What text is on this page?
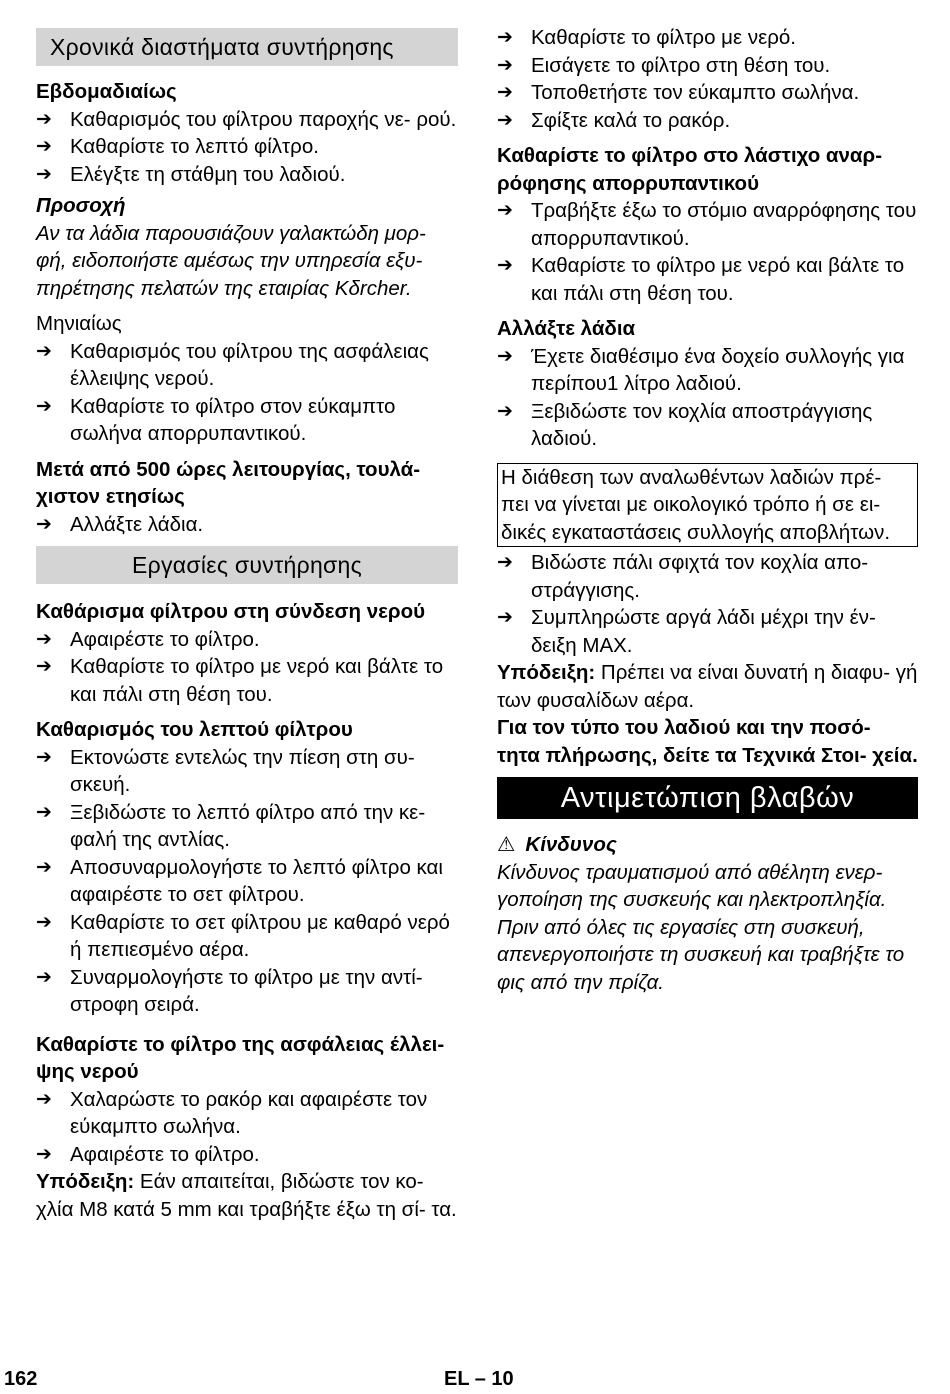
Χρονικά διαστήματα συντήρησης
Εβδομαδιαίως
➔ Καθαρισμός του φίλτρου παροχής νε- ρού.
➔ Καθαρίστε το λεπτό φίλτρο.
➔ Ελέγξτε τη στάθμη του λαδιού.
Προσοχή
Αν τα λάδια παρουσιάζουν γαλακτώδη μορ- φή, ειδοποιήστε αμέσως την υπηρεσία εξυ- πηρέτησης πελατών της εταιρίας Kδrcher.
Μηνιαίως
➔ Καθαρισμός του φίλτρου της ασφάλειας έλλειψης νερού.
➔ Καθαρίστε το φίλτρο στον εύκαμπτο σωλήνα απορρυπαντικού.
Μετά από 500 ώρες λειτουργίας, τουλά- χιστον ετησίως
➔ Αλλάξτε λάδια.
Εργασίες συντήρησης
Καθάρισμα φίλτρου στη σύνδεση νερού
➔ Αφαιρέστε το φίλτρο.
➔ Καθαρίστε το φίλτρο με νερό και βάλτε το και πάλι στη θέση του.
Καθαρισμός του λεπτού φίλτρου
➔ Εκτονώστε εντελώς την πίεση στη συ- σκευή.
➔ Ξεβιδώστε το λεπτό φίλτρο από την κε- φαλή της αντλίας.
➔ Αποσυναρμολογήστε το λεπτό φίλτρο και αφαιρέστε το σετ φίλτρου.
➔ Καθαρίστε το σετ φίλτρου με καθαρό νερό ή πεπιεσμένο αέρα.
➔ Συναρμολογήστε το φίλτρο με την αντί- στροφη σειρά.
Καθαρίστε το φίλτρο της ασφάλειας έλλει- ψης νερού
➔ Χαλαρώστε το ρακόρ και αφαιρέστε τον εύκαμπτο σωλήνα.
➔ Αφαιρέστε το φίλτρο.
Υπόδειξη: Εάν απαιτείται, βιδώστε τον κο- χλία M8 κατά 5 mm και τραβήξτε έξω τη σί- τα.
➔ Καθαρίστε το φίλτρο με νερό.
➔ Εισάγετε το φίλτρο στη θέση του.
➔ Τοποθετήστε τον εύκαμπτο σωλήνα.
➔ Σφίξτε καλά το ρακόρ.
Καθαρίστε το φίλτρο στο λάστιχο αναρ- ρόφησης απορρυπαντικού
➔ Τραβήξτε έξω το στόμιο αναρρόφησης του απορρυπαντικού.
➔ Καθαρίστε το φίλτρο με νερό και βάλτε το και πάλι στη θέση του.
Αλλάξτε λάδια
➔ Έχετε διαθέσιμο ένα δοχείο συλλογής για περίπου1 λίτρο λαδιού.
➔ Ξεβιδώστε τον κοχλία αποστράγγισης λαδιού.
Η διάθεση των αναλωθέντων λαδιών πρέ- πει να γίνεται με οικολογικό τρόπο ή σε ει- δικές εγκαταστάσεις συλλογής αποβλήτων.
➔ Βιδώστε πάλι σφιχτά τον κοχλία απο- στράγγισης.
➔ Συμπληρώστε αργά λάδι μέχρι την έν- δειξη MAX.
Υπόδειξη: Πρέπει να είναι δυνατή η διαφυ- γή των φυσαλίδων αέρα.
Για τον τύπο του λαδιού και την ποσό- τητα πλήρωσης, δείτε τα Τεχνικά Στοι- χεία.
Αντιμετώπιση βλαβών
⚠ Κίνδυνος
Κίνδυνος τραυματισμού από αθέλητη ενερ- γοποίηση της συσκευής και ηλεκτροπληξία. Πριν από όλες τις εργασίες στη συσκευή, απενεργοποιήστε τη συσκευή και τραβήξτε το φις από την πρίζα.
162	EL – 10
